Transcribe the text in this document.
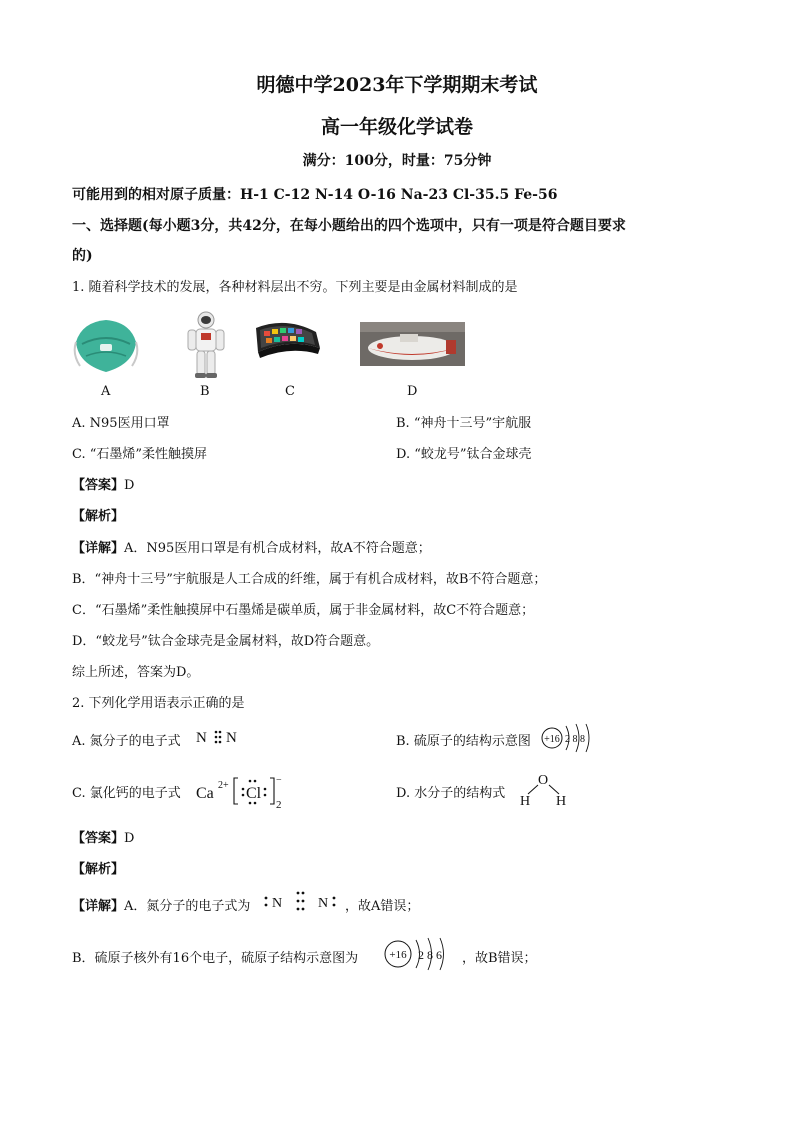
明德中学2023年下学期期末考试
高一年级化学试卷
满分：100分，时量：75分钟
可能用到的相对原子质量：H-1 C-12 N-14 O-16 Na-23 Cl-35.5 Fe-56
一、选择题(每小题3分，共42分，在每小题给出的四个选项中，只有一项是符合题目要求
的)
1. 随着科学技术的发展，各种材料层出不穷。下列主要是由金属材料制成的是
A	B	C	D
A. N95医用口罩	B. “神舟十三号”宇航服
C. “石墨烯”柔性触摸屏	D. “蛟龙号”钛合金球壳
【答案】D
【解析】
【详解】A．N95医用口罩是有机合成材料，故A不符合题意；
B．“神舟十三号”宇航服是人工合成的纤维，属于有机合成材料，故B不符合题意；
C．“石墨烯”柔性触摸屏中石墨烯是碳单质，属于非金属材料，故C不符合题意；
D．“蛟龙号”钛合金球壳是金属材料，故D符合题意。
综上所述，答案为D。
2. 下列化学用语表示正确的是
A. 氮分子的电子式 N N	B. 硫原子的结构示意图 +16 2 8 8
C. 氯化钙的电子式 Ca 2+ Cl
−
2
D. 水分子的结构式
O
H H
【答案】D
【解析】
【详解】A．氮分子的电子式为 N	N ，故A错误；
B．硫原子核外有16个电子，硫原子结构示意图为	+16 2 8 6 ，故B错误；
